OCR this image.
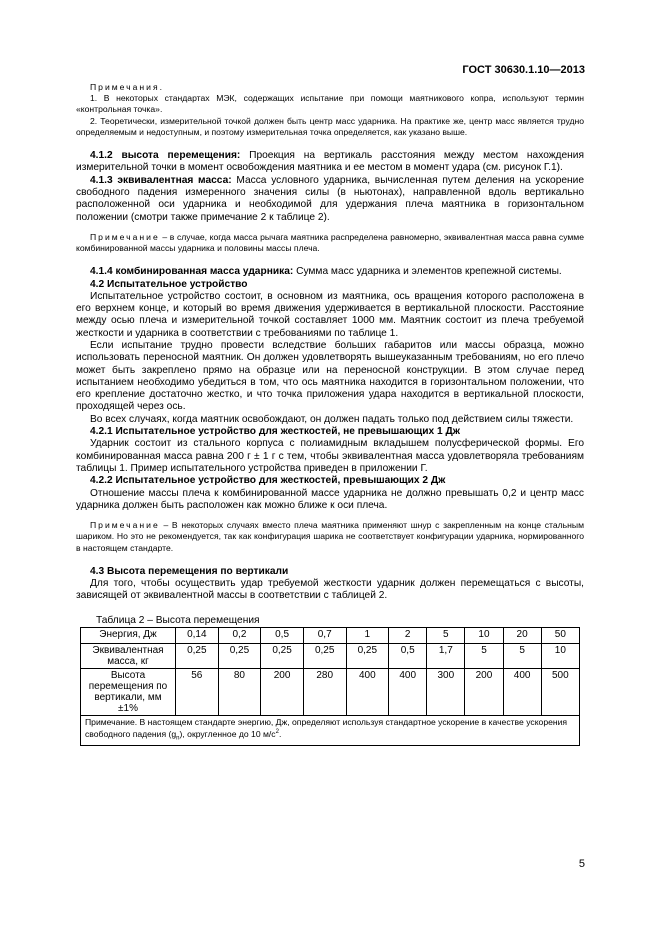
ГОСТ 30630.1.10—2013
Примечания.
1. В некоторых стандартах МЭК, содержащих испытание при помощи маятникового копра, используют термин «контрольная точка».
2. Теоретически, измерительной точкой должен быть центр масс ударника. На практике же, центр масс является трудно определяемым и недоступным, и поэтому измерительная точка определяется, как указано выше.
4.1.2 высота перемещения: Проекция на вертикаль расстояния между местом нахождения измерительной точки в момент освобождения маятника и ее местом в момент удара (см. рисунок Г.1).
4.1.3 эквивалентная масса: Масса условного ударника, вычисленная путем деления на ускорение свободного падения измеренного значения силы (в ньютонах), направленной вдоль вертикально расположенной оси ударника и необходимой для удержания плеча маятника в горизонтальном положении (смотри также примечание 2 к таблице 2).
Примечание – в случае, когда масса рычага маятника распределена равномерно, эквивалентная масса равна сумме комбинированной массы ударника и половины массы плеча.
4.1.4 комбинированная масса ударника: Сумма масс ударника и элементов крепежной системы.
4.2 Испытательное устройство
Испытательное устройство состоит, в основном из маятника, ось вращения которого расположена в его верхнем конце, и который во время движения удерживается в вертикальной плоскости. Расстояние между осью плеча и измерительной точкой составляет 1000 мм. Маятник состоит из плеча требуемой жесткости и ударника в соответствии с требованиями по таблице 1.
Если испытание трудно провести вследствие больших габаритов или массы образца, можно использовать переносной маятник. Он должен удовлетворять вышеуказанным требованиям, но его плечо может быть закреплено прямо на образце или на переносной конструкции. В этом случае перед испытанием необходимо убедиться в том, что ось маятника находится в горизонтальном положении, что его крепление достаточно жестко, и что точка приложения удара находится в вертикальной плоскости, проходящей через ось.
Во всех случаях, когда маятник освобождают, он должен падать только под действием силы тяжести.
4.2.1 Испытательное устройство для жесткостей, не превышающих 1 Дж
Ударник состоит из стального корпуса с полиамидным вкладышем полусферической формы. Его комбинированная масса равна 200 г ± 1 г с тем, чтобы эквивалентная масса удовлетворяла требованиям таблицы 1. Пример испытательного устройства приведен в приложении Г.
4.2.2 Испытательное устройство для жесткостей, превышающих 2 Дж
Отношение массы плеча к комбинированной массе ударника не должно превышать 0,2 и центр масс ударника должен быть расположен как можно ближе к оси плеча.
Примечание – В некоторых случаях вместо плеча маятника применяют шнур с закрепленным на конце стальным шариком. Но это не рекомендуется, так как конфигурация шарика не соответствует конфигурации ударника, нормированного в настоящем стандарте.
4.3 Высота перемещения по вертикали
Для того, чтобы осуществить удар требуемой жесткости ударник должен перемещаться с высоты, зависящей от эквивалентной массы в соответствии с таблицей 2.
Таблица 2 – Высота перемещения
Энергия, Дж	0,14	0,2	0,5	0,7	1	2	5	10	20	50
Эквивалентная масса, кг	0,25	0,25	0,25	0,25	0,25	0,5	1,7	5	5	10
Высота перемещения по вертикали, мм ±1%	56	80	200	280	400	400	300	200	400	500
Примечание. В настоящем стандарте энергию, Дж, определяют используя стандартное ускорение в качестве ускорения свободного падения $(g_n)$, округленное до 10 $м/с^2$.										
5
